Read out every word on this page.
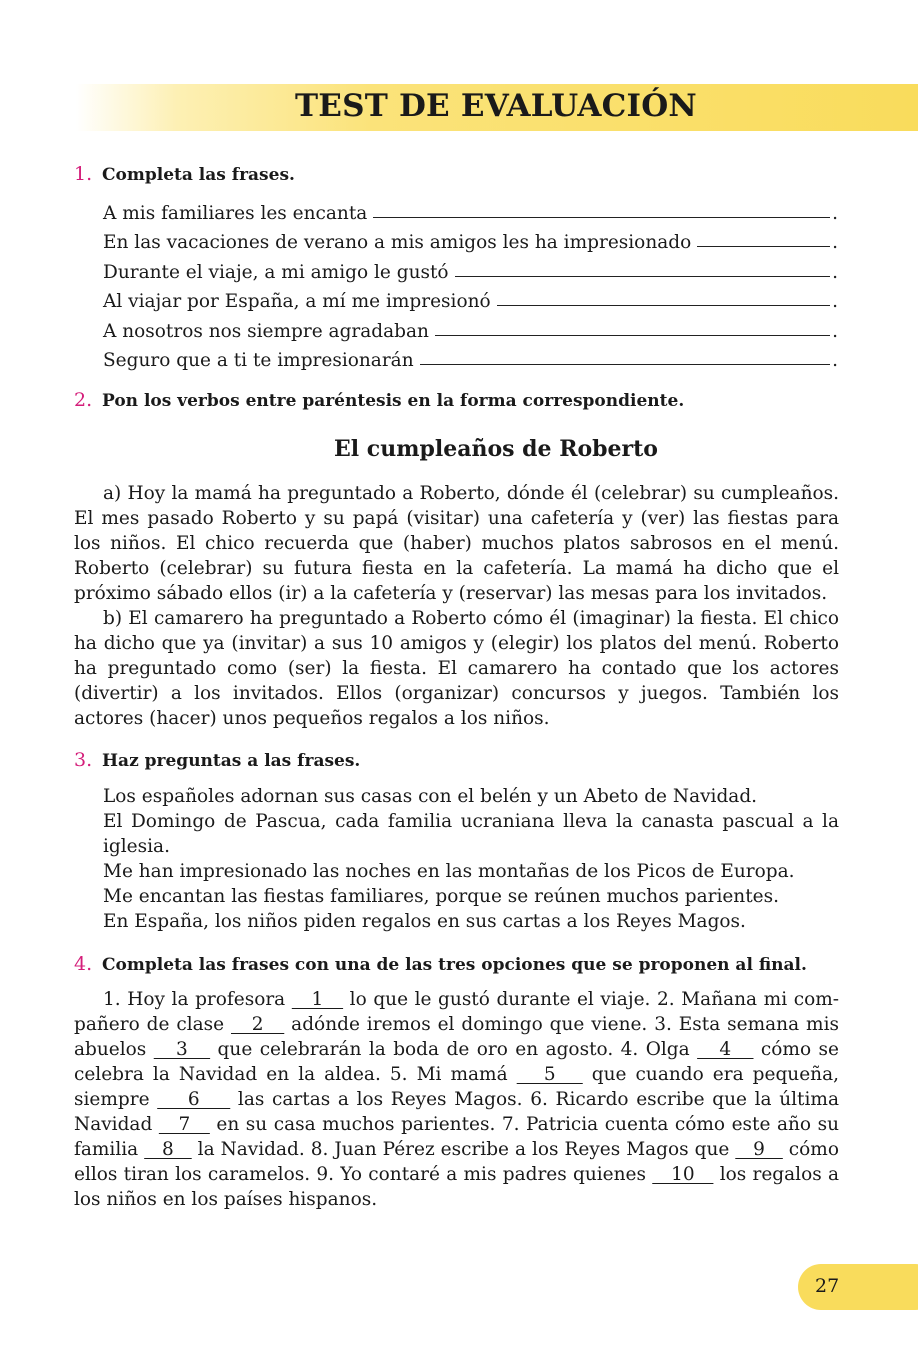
TEST DE EVALUACIÓN
1. Completa las frases.
A mis familiares les encanta	.
En las vacaciones de verano a mis amigos les ha impresionado	.
Durante el viaje, a mi amigo le gustó	.
Al viajar por España, a mí me impresionó	.
A nosotros nos siempre agradaban	.
Seguro que a ti te impresionarán	.
2. Pon los verbos entre paréntesis en la forma correspondiente.
El cumpleaños de Roberto

a) Hoy la mamá ha preguntado a Roberto, dónde él (celebrar) su cumpleaños. El mes pasado Roberto y su papá (visitar) una cafetería y (ver) las fiestas para los niños. El chico recuerda que (haber) muchos platos sabrosos en el menú. Roberto (celebrar) su futura fiesta en la cafetería. La mamá ha dicho que el próximo sábado ellos (ir) a la cafetería y (reservar) las mesas para los invitados.

b) El camarero ha preguntado a Roberto cómo él (imaginar) la fiesta. El chico ha dicho que ya (invitar) a sus 10 amigos y (elegir) los platos del menú. Roberto ha preguntado como (ser) la fiesta. El camarero ha contado que los actores (divertir) a los invitados. Ellos (organizar) concursos y juegos. También los actores (hacer) unos pequeños regalos a los niños.

3. Haz preguntas a las frases.
Los españoles adornan sus casas con el belén y un Abeto de Navidad.
El Domingo de Pascua, cada familia ucraniana lleva la canasta pascual a la iglesia.
Me han impresionado las noches en las montañas de los Picos de Europa.
Me encantan las fiestas familiares, porque se reúnen muchos parientes.
En España, los niños piden regalos en sus cartas a los Reyes Magos.
4. Completa las frases con una de las tres opciones que se proponen al final.

1. Hoy la profesora    1    lo que le gustó durante el viaje. 2. Mañana mi compañero de clase    2    adónde iremos el domingo que viene. 3. Esta semana mis abuelos    3    que celebrarán la boda de oro en agosto. 4. Olga    4    cómo se celebra la Navidad en la aldea. 5. Mi mamá    5    que cuando era pequeña, siempre     6     las cartas a los Reyes Magos. 6. Ricardo escribe que la última Navidad    7    en su casa muchos parientes. 7. Patricia cuenta cómo este año su familia    8    la Navidad. 8. Juan Pérez escribe a los Reyes Magos que    9    cómo ellos tiran los caramelos. 9. Yo contaré a mis padres quienes    10    los regalos a los niños en los países hispanos.

27
